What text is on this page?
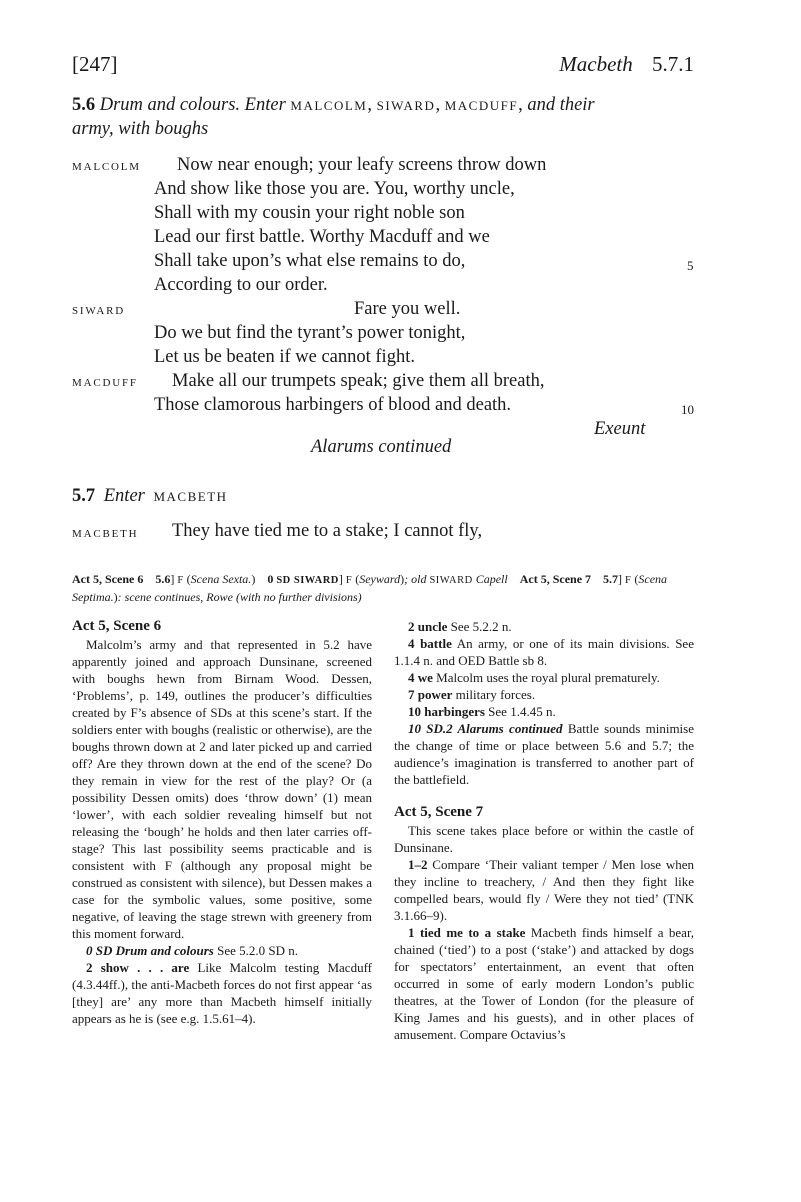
[247]	Macbeth 5.7.1
5.6 Drum and colours. Enter malcolm, siward, macduff, and their
army, with boughs
malcolm Now near enough; your leafy screens throw down
And show like those you are. You, worthy uncle,
Shall with my cousin your right noble son
Lead our first battle. Worthy Macduff and we
Shall take upon’s what else remains to do,	5
According to our order.
siward	Fare you well.
Do we but find the tyrant’s power tonight,
Let us be beaten if we cannot fight.
macduff Make all our trumpets speak; give them all breath,
Those clamorous harbingers of blood and death.	10
Exeunt
Alarums continued
5.7 Enter macbeth
macbeth They have tied me to a stake; I cannot fly,
Act 5, Scene 6 5.6] F (Scena Sexta.)    0 SD SIWARD] F (Seyward); old SIWARD Capell Act 5, Scene 7 5.7] F (Scena Septima.): scene continues, Rowe (with no further divisions)

Act 5, Scene 6

Malcolm’s army and that represented in 5.2 have apparently joined and approach Dunsinane, screened with boughs hewn from Birnam Wood. Dessen, ‘Problems’, p. 149, outlines the producer’s difficulties created by F’s absence of SDs at this scene’s start. If the soldiers enter with boughs (realistic or otherwise), are the boughs thrown down at 2 and later picked up and carried off? Are they thrown down at the end of the scene? Do they remain in view for the rest of the play? Or (a possibility Dessen omits) does ‘throw down’ (1) mean ‘lower’, with each soldier revealing himself but not releasing the ‘bough’ he holds and then later carries off-stage? This last possibility seems practicable and is consistent with F (although any proposal might be construed as consistent with silence), but Dessen makes a case for the symbolic values, some positive, some negative, of leaving the stage strewn with greenery from this moment forward.

0 SD Drum and colours See 5.2.0 SD n.

2 show . . . are Like Malcolm testing Macduff (4.3.44ff.), the anti-Macbeth forces do not first appear ‘as [they] are’ any more than Macbeth himself initially appears as he is (see e.g. 1.5.61–4).

2 uncle See 5.2.2 n.

4 battle An army, or one of its main divisions. See 1.1.4 n. and OED Battle sb 8.

4 we Malcolm uses the royal plural prematurely.

7 power military forces.

10 harbingers See 1.4.45 n.

10 SD.2 Alarums continued Battle sounds minimise the change of time or place between 5.6 and 5.7; the audience’s imagination is transferred to another part of the battlefield.

Act 5, Scene 7

This scene takes place before or within the castle of Dunsinane.

1–2 Compare ‘Their valiant temper / Men lose when they incline to treachery, / And then they fight like compelled bears, would fly / Were they not tied’ (TNK 3.1.66–9).

1 tied me to a stake Macbeth finds himself a bear, chained (‘tied’) to a post (‘stake’) and attacked by dogs for spectators’ entertainment, an event that often occurred in some of early modern London’s public theatres, at the Tower of London (for the pleasure of King James and his guests), and in other places of amusement. Compare Octavius’s
